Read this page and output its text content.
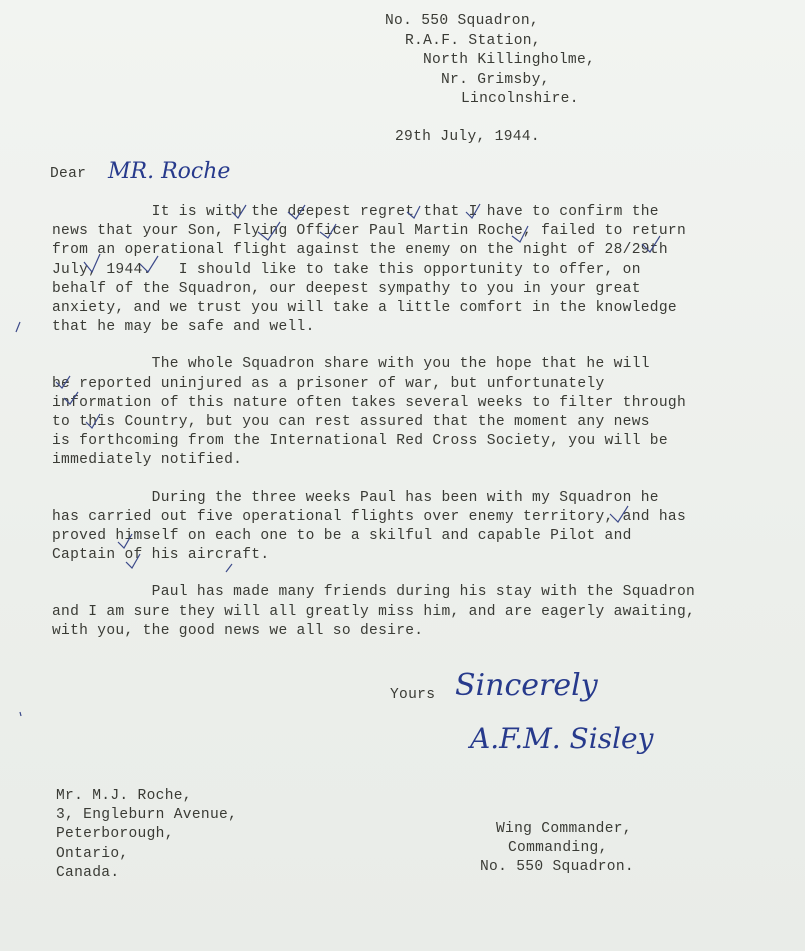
No. 550 Squadron,
R.A.F. Station,
North Killingholme,
Nr. Grimsby,
Lincolnshire.
29th July, 1944.
Dear MR. Roche

It is with the deepest regret that I have to confirm the
news that your Son, Flying Officer Paul Martin Roche, failed to return
from an operational flight against the enemy on the night of 28/29th
July, 1944.   I should like to take this opportunity to offer, on
behalf of the Squadron, our deepest sympathy to you in your great
anxiety, and we trust you will take a little comfort in the knowledge
that he may be safe and well.

The whole Squadron share with you the hope that he will
be reported uninjured as a prisoner of war, but unfortunately
information of this nature often takes several weeks to filter through
to this Country, but you can rest assured that the moment any news
is forthcoming from the International Red Cross Society, you will be
immediately notified.

During the three weeks Paul has been with my Squadron he
has carried out five operational flights over enemy territory, and has
proved himself on each one to be a skilful and capable Pilot and
Captain of his aircraft.

Paul has made many friends during his stay with the Squadron
and I am sure they will all greatly miss him, and are eagerly awaiting,
with you, the good news we all so desire.

Yours Sincerely
A.F.M. Sisley
Mr. M.J. Roche,
3, Engleburn Avenue,
Peterborough,
Ontario,
Canada.
Wing Commander,
Commanding,
No. 550 Squadron.
